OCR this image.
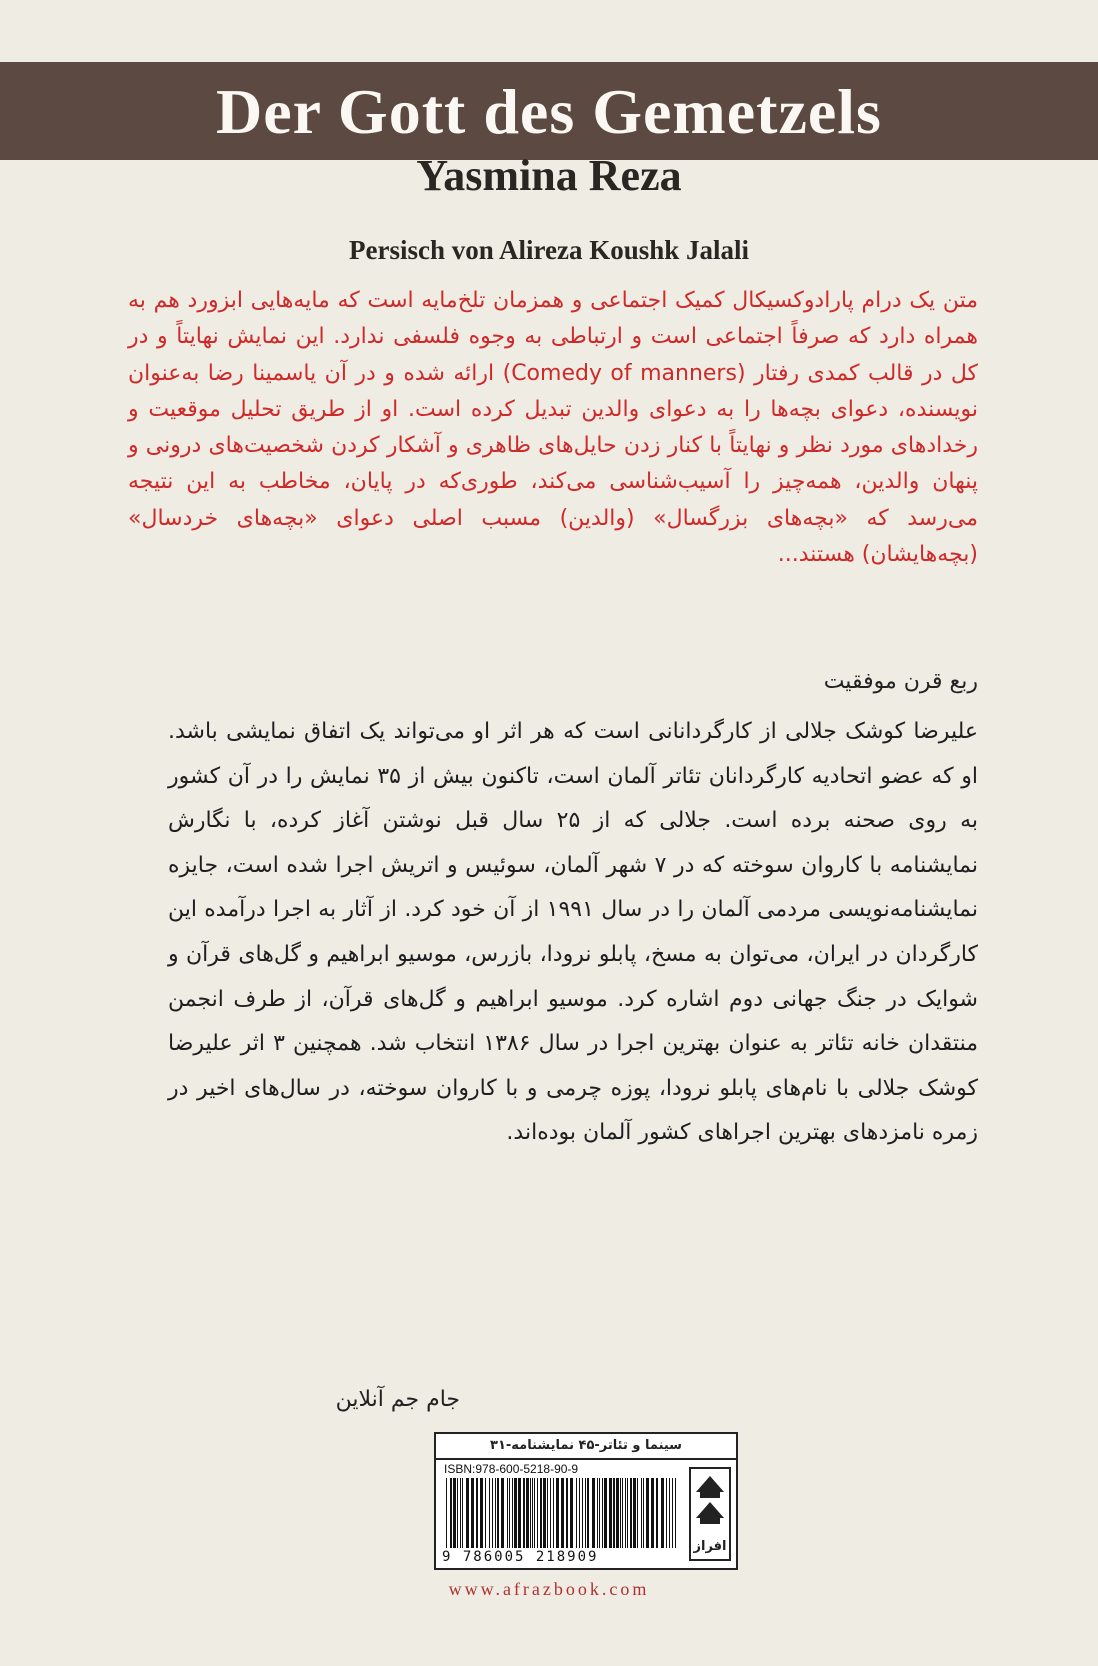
Der Gott des Gemetzels
Yasmina Reza
Persisch von Alireza Koushk Jalali

متن یک درام پارادوکسیکال کمیک اجتماعی و همزمان تلخ‌مایه است که مایه‌هایی ابزورد هم به همراه دارد که صرفاً اجتماعی است و ارتباطی به وجوه فلسفی ندارد. این نمایش نهایتاً و در کل در قالب کمدی رفتار (Comedy of manners) ارائه شده و در آن یاسمینا رضا به‌عنوان نویسنده، دعوای بچه‌ها را به دعوای والدین تبدیل کرده است. او از طریق تحلیل موقعیت و رخدادهای مورد نظر و نهایتاً با کنار زدن حایل‌های ظاهری و آشکار کردن شخصیت‌های درونی و پنهان والدین، همه‌چیز را آسیب‌شناسی می‌کند، طوری‌که در پایان، مخاطب به این نتیجه می‌رسد که «بچه‌های بزرگسال» (والدین) مسبب اصلی دعوای «بچه‌های خردسال» (بچه‌هایشان) هستند...

ربع قرن موفقیت

علیرضا کوشک جلالی از کارگردانانی است که هر اثر او می‌تواند یک اتفاق نمایشی باشد. او که عضو اتحادیه کارگردانان تئاتر آلمان است، تاکنون بیش از ۳۵ نمایش را در آن کشور به روی صحنه برده است. جلالی که از ۲۵ سال قبل نوشتن آغاز کرده، با نگارش نمایشنامه با کاروان سوخته که در ۷ شهر آلمان، سوئیس و اتریش اجرا شده است، جایزه نمایشنامه‌نویسی مردمی آلمان را در سال ۱۹۹۱ از آن خود کرد. از آثار به اجرا درآمده این کارگردان در ایران، می‌توان به مسخ، پابلو نرودا، بازرس، موسیو ابراهیم و گل‌های قرآن و شوایک در جنگ جهانی دوم اشاره کرد. موسیو ابراهیم و گل‌های قرآن، از طرف انجمن منتقدان خانه تئاتر به عنوان بهترین اجرا در سال ۱۳۸۶ انتخاب شد. همچنین ۳ اثر علیرضا کوشک جلالی با نام‌های پابلو نرودا، پوزه چرمی و با کاروان سوخته، در سال‌های اخیر در زمره نامزدهای بهترین اجراهای کشور آلمان بوده‌اند.

جام جم آنلاین
سینما و تئاتر-۴۵ نمایشنامه-۳۱
ISBN:978-600-5218-90-9
9 786005 218909
افراز
www.afrazbook.com
